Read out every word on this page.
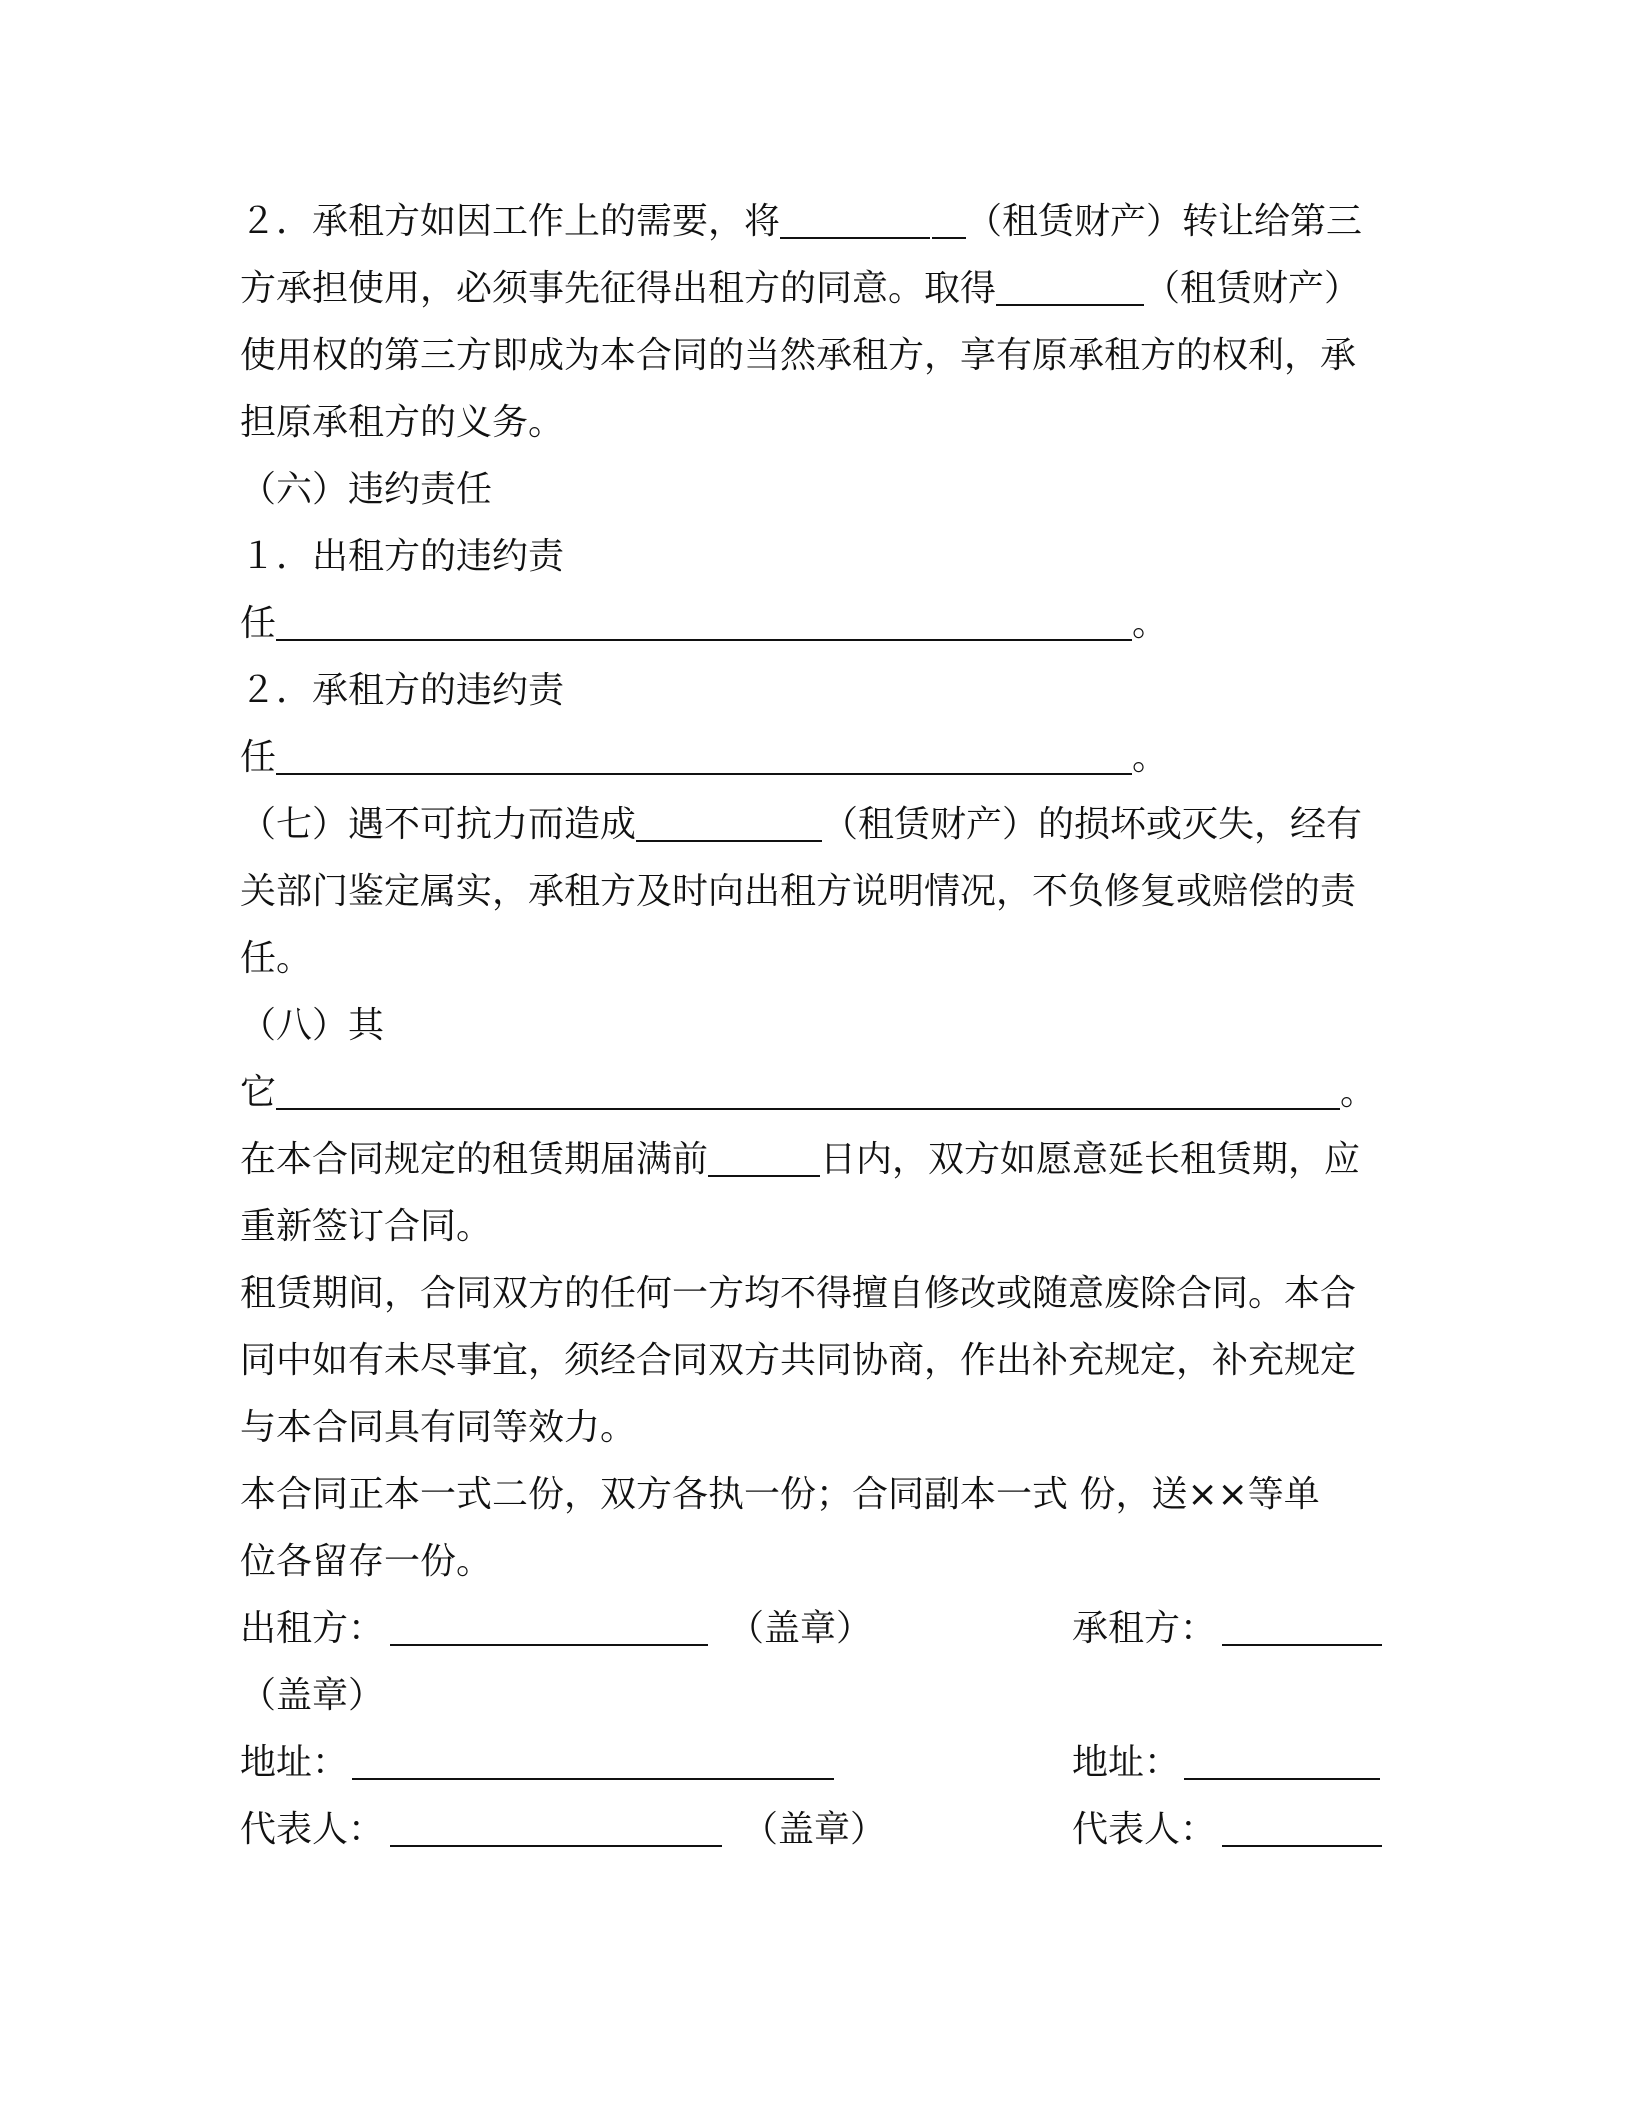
２．承租方如因工作上的需要，将	（租赁财产）转让给第三
方承担使用，必须事先征得出租方的同意。取得	（租赁财产）
使用权的第三方即成为本合同的当然承租方，享有原承租方的权利，承
担原承租方的义务。
（六）违约责任
１．出租方的违约责
任	。
２．承租方的违约责
任	。
（七）遇不可抗力而造成	（租赁财产）的损坏或灭失，经有
关部门鉴定属实，承租方及时向出租方说明情况，不负修复或赔偿的责
任。
（八）其
它	。
在本合同规定的租赁期届满前	日内，双方如愿意延长租赁期，应
重新签订合同。
租赁期间，合同双方的任何一方均不得擅自修改或随意废除合同。本合
同中如有未尽事宜，须经合同双方共同协商，作出补充规定，补充规定
与本合同具有同等效力。
本合同正本一式二份，双方各执一份；合同副本一式 份，送××等单
位各留存一份。
出租方：	（盖章）	承租方：
（盖章）
地址：	地址：
代表人：	（盖章）	代表人：
